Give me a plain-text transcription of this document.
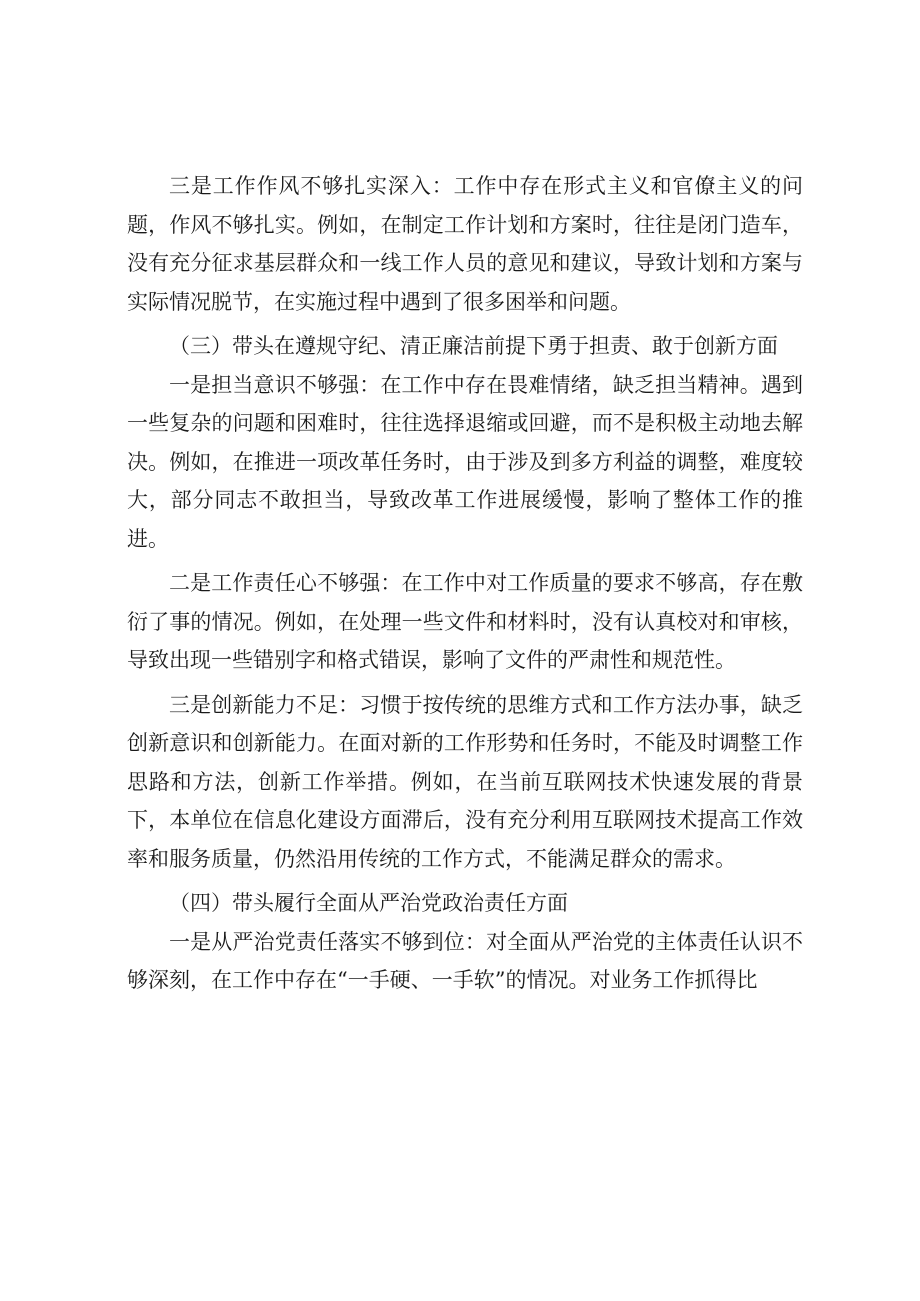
三是工作作风不够扎实深入：工作中存在形式主义和官僚主义的问题，作风不够扎实。例如，在制定工作计划和方案时，往往是闭门造车，没有充分征求基层群众和一线工作人员的意见和建议，导致计划和方案与实际情况脱节，在实施过程中遇到了很多困举和问题。

（三）带头在遵规守纪、清正廉洁前提下勇于担责、敢于创新方面

一是担当意识不够强：在工作中存在畏难情绪，缺乏担当精神。遇到一些复杂的问题和困难时，往往选择退缩或回避，而不是积极主动地去解决。例如，在推进一项改革任务时，由于涉及到多方利益的调整，难度较大，部分同志不敢担当，导致改革工作进展缓慢，影响了整体工作的推进。

二是工作责任心不够强：在工作中对工作质量的要求不够高，存在敷衍了事的情况。例如，在处理一些文件和材料时，没有认真校对和审核，导致出现一些错别字和格式错误，影响了文件的严肃性和规范性。

三是创新能力不足：习惯于按传统的思维方式和工作方法办事，缺乏创新意识和创新能力。在面对新的工作形势和任务时，不能及时调整工作思路和方法，创新工作举措。例如，在当前互联网技术快速发展的背景下，本单位在信息化建设方面滞后，没有充分利用互联网技术提高工作效率和服务质量，仍然沿用传统的工作方式，不能满足群众的需求。

（四）带头履行全面从严治党政治责任方面

一是从严治党责任落实不够到位：对全面从严治党的主体责任认识不够深刻，在工作中存在“一手硬、一手软”的情况。对业务工作抓得比
